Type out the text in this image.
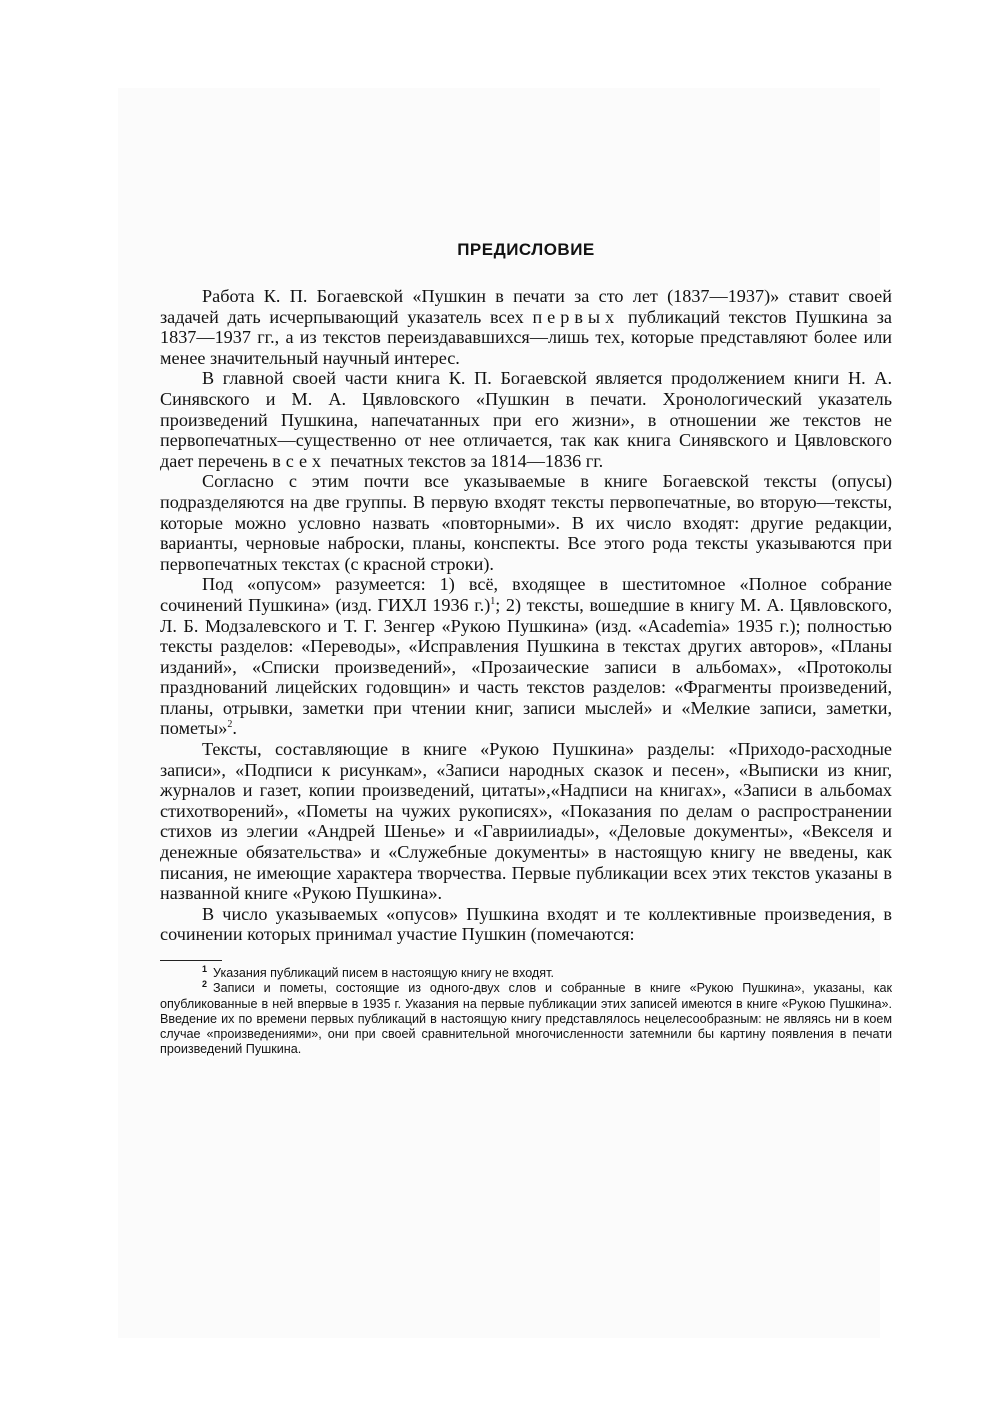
ПРЕДИСЛОВИЕ

Работа К. П. Богаевской «Пушкин в печати за сто лет (1837—1937)» ставит своей задачей дать исчерпывающий указатель всех первых публикаций текстов Пушкина за 1837—1937 гг., а из текстов переиздававшихся—лишь тех, которые представляют более или менее значительный научный интерес.

В главной своей части книга К. П. Богаевской является продолжением книги Н. А. Синявского и М. А. Цявловского «Пушкин в печати. Хронологический указатель произведений Пушкина, напечатанных при его жизни», в отношении же текстов не первопечатных—существенно от нее отличается, так как книга Синявского и Цявловского дает перечень всех печатных текстов за 1814—1836 гг.

Согласно с этим почти все указываемые в книге Богаевской тексты (опусы) подразделяются на две группы. В первую входят тексты первопечатные, во вторую—тексты, которые можно условно назвать «повторными». В их число входят: другие редакции, варианты, черновые наброски, планы, конспекты. Все этого рода тексты указываются при первопечатных текстах (с красной строки).

Под «опусом» разумеется: 1) всё, входящее в шеститомное «Полное собрание сочинений Пушкина» (изд. ГИХЛ 1936 г.)$^1$; 2) тексты, вошедшие в книгу М. А. Цявловского, Л. Б. Модзалевского и Т. Г. Зенгер «Рукою Пушкина» (изд. «Academia» 1935 г.); полностью тексты разделов: «Переводы», «Исправления Пушкина в текстах других авторов», «Планы изданий», «Списки произведений», «Прозаические записи в альбомах», «Протоколы празднований лицейских годовщин» и часть текстов разделов: «Фрагменты произведений, планы, отрывки, заметки при чтении книг, записи мыслей» и «Мелкие записи, заметки, пометы»$^2$.

Тексты, составляющие в книге «Рукою Пушкина» разделы: «Приходо-расходные записи», «Подписи к рисункам», «Записи народных сказок и песен», «Выписки из книг, журналов и газет, копии произведений, цитаты»,«Надписи на книгах», «Записи в альбомах стихотворений», «Пометы на чужих рукописях», «Показания по делам о распространении стихов из элегии «Андрей Шенье» и «Гавриилиады», «Деловые документы», «Векселя и денежные обязательства» и «Служебные документы» в настоящую книгу не введены, как писания, не имеющие характера творчества. Первые публикации всех этих текстов указаны в названной книге «Рукою Пушкина».

В число указываемых «опусов» Пушкина входят и те коллективные произведения, в сочинении которых принимал участие Пушкин (помечаются:

$^1$ Указания публикаций писем в настоящую книгу не входят.

$^2$ Записи и пометы, состоящие из одного-двух слов и собранные в книге «Рукою Пушкина», указаны, как опубликованные в ней впервые в 1935 г. Указания на первые публикации этих записей имеются в книге «Рукою Пушкина». Введение их по времени первых публикаций в настоящую книгу представлялось нецелесообразным: не являясь ни в коем случае «произведениями», они при своей сравнительной многочисленности затемнили бы картину появления в печати произведений Пушкина.
